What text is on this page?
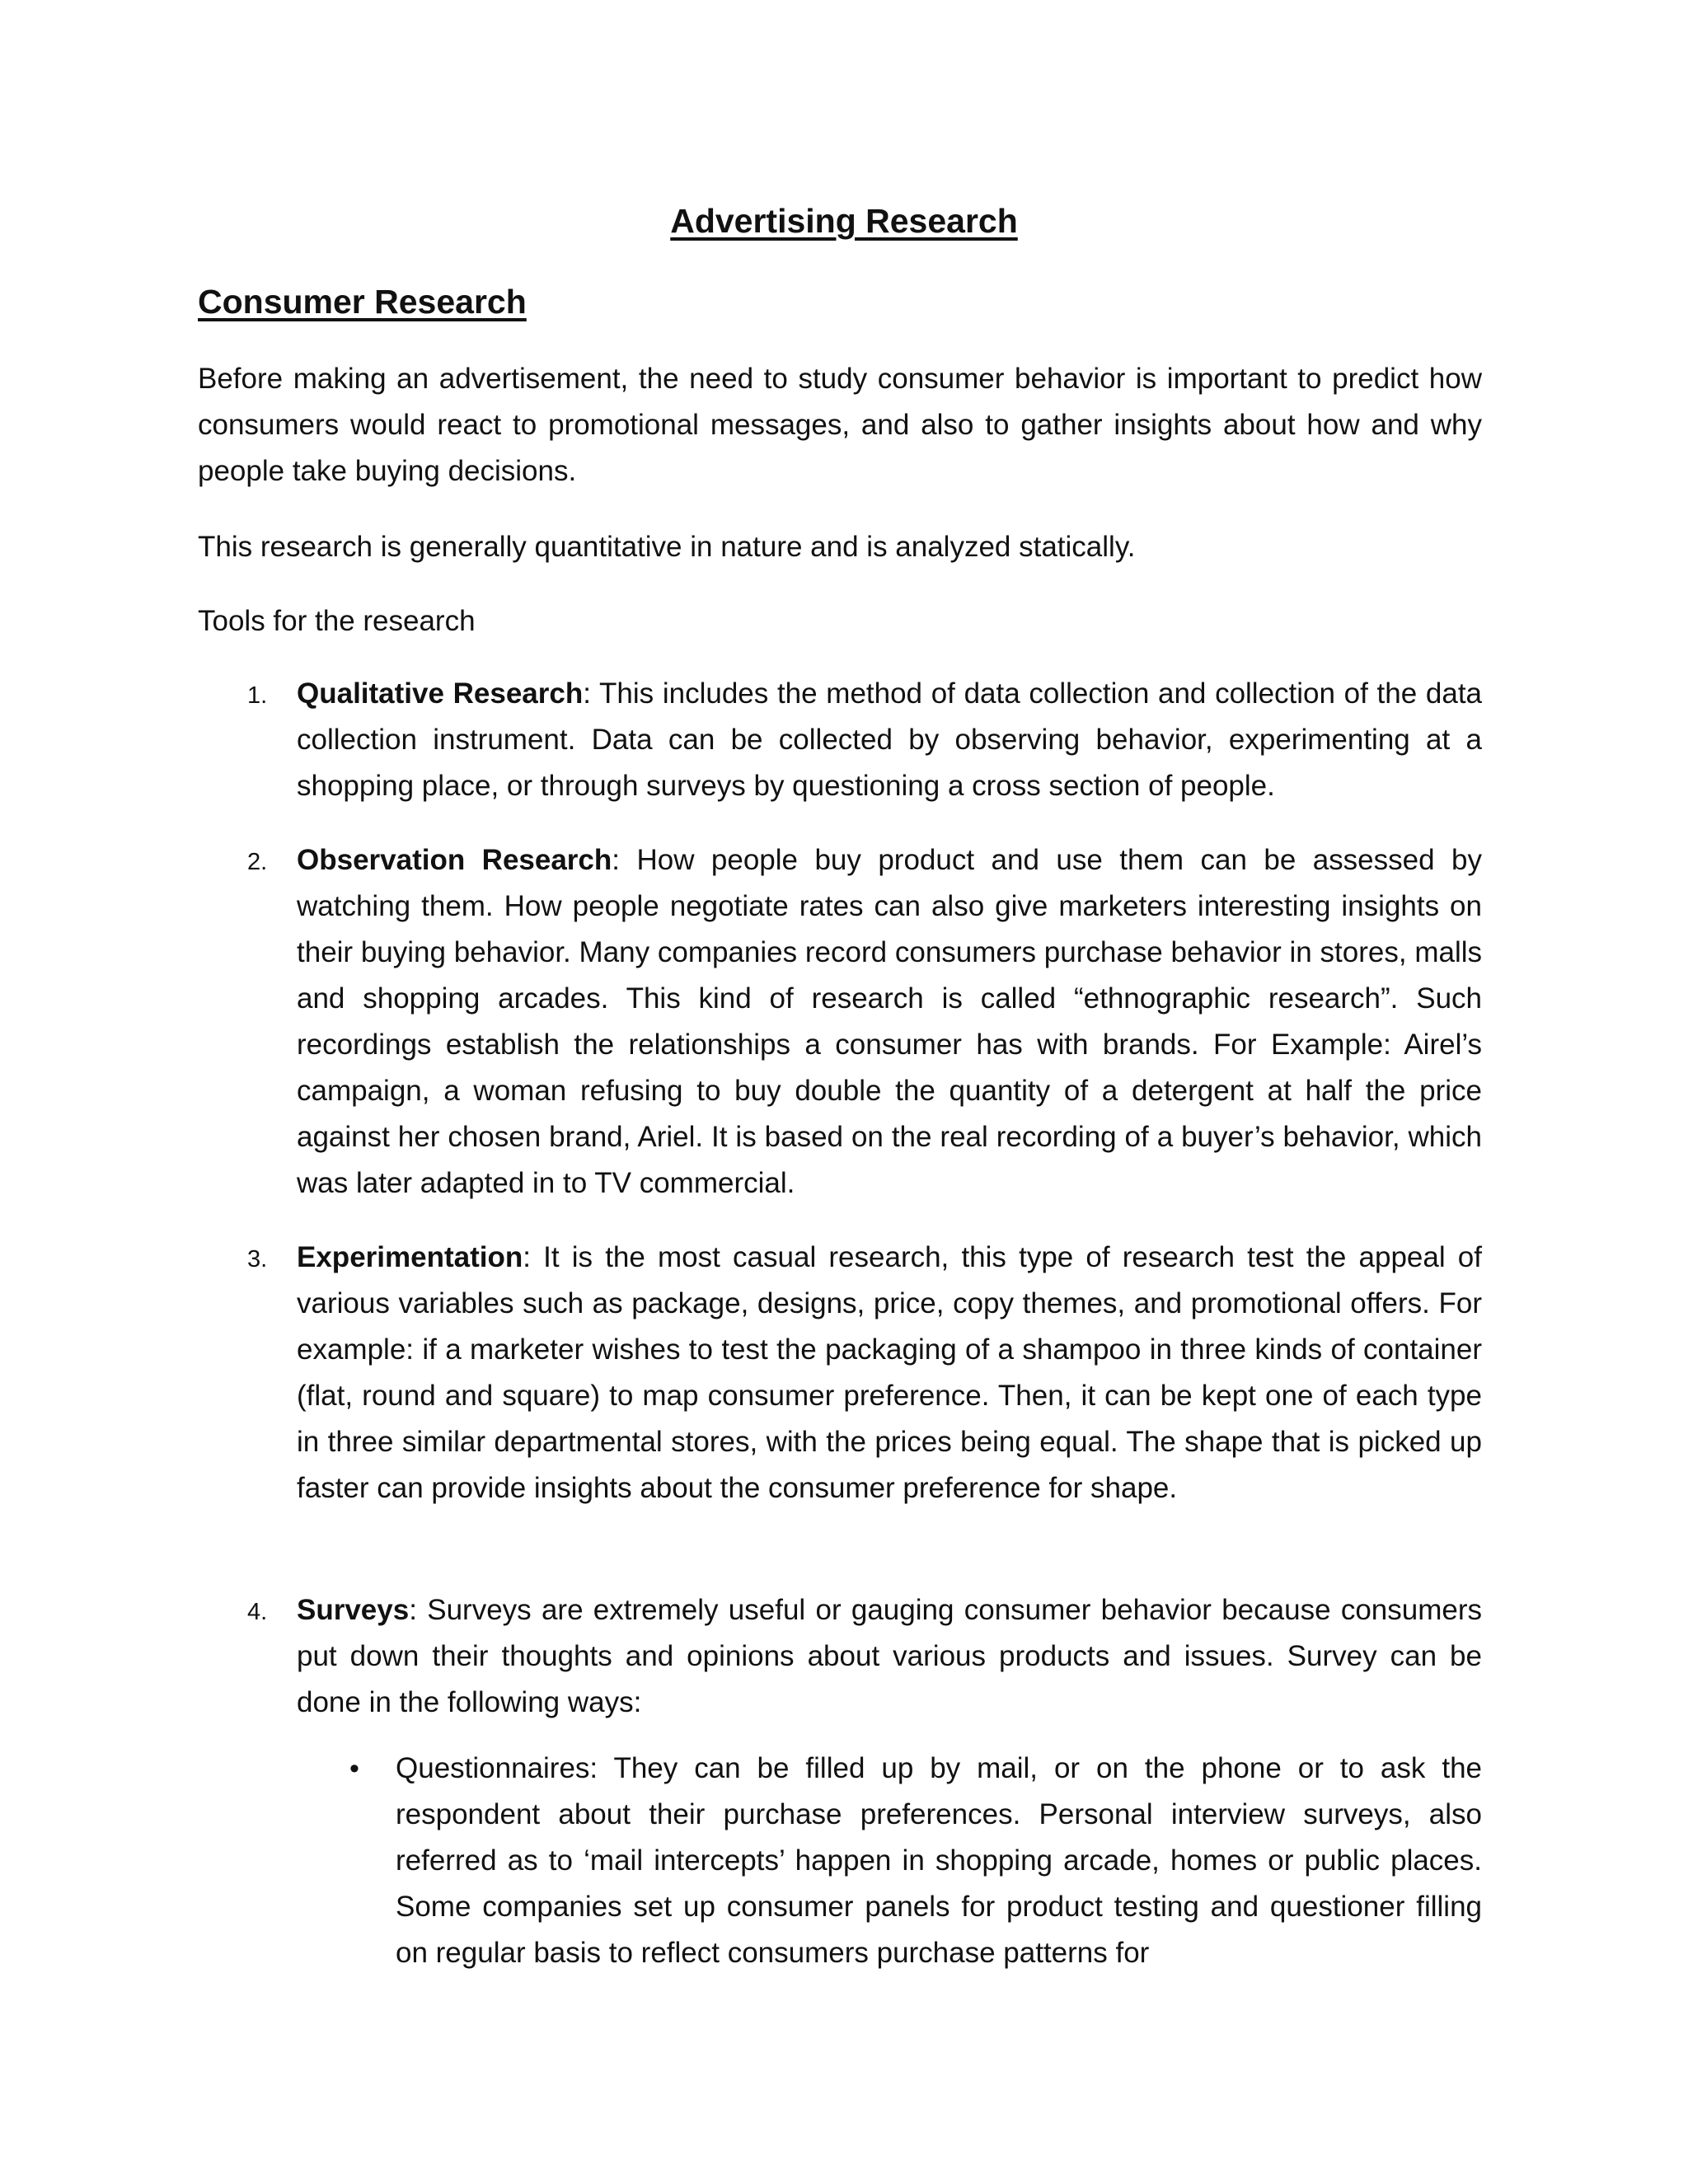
Advertising Research
Consumer Research

Before making an advertisement, the need to study consumer behavior is important to predict how consumers would react to promotional messages, and also to gather insights about how and why people take buying decisions.

This research is generally quantitative in nature and is analyzed statically.

Tools for the research

1. Qualitative Research: This includes the method of data collection and collection of the data collection instrument. Data can be collected by observing behavior, experimenting at a shopping place, or through surveys by questioning a cross section of people.
2. Observation Research: How people buy product and use them can be assessed by watching them. How people negotiate rates can also give marketers interesting insights on their buying behavior. Many companies record consumers purchase behavior in stores, malls and shopping arcades. This kind of research is called “ethnographic research”. Such recordings establish the relationships a consumer has with brands. For Example: Airel’s campaign, a woman refusing to buy double the quantity of a detergent at half the price against her chosen brand, Ariel. It is based on the real recording of a buyer’s behavior, which was later adapted in to TV commercial.
3. Experimentation: It is the most casual research, this type of research test the appeal of various variables such as package, designs, price, copy themes, and promotional offers. For example: if a marketer wishes to test the packaging of a shampoo in three kinds of container (flat, round and square) to map consumer preference. Then, it can be kept one of each type in three similar departmental stores, with the prices being equal. The shape that is picked up faster can provide insights about the consumer preference for shape.
4. Surveys: Surveys are extremely useful or gauging consumer behavior because consumers put down their thoughts and opinions about various products and issues. Survey can be done in the following ways:
• Questionnaires: They can be filled up by mail, or on the phone or to ask the respondent about their purchase preferences. Personal interview surveys, also referred as to ‘mail intercepts’ happen in shopping arcade, homes or public places. Some companies set up consumer panels for product testing and questioner filling on regular basis to reflect consumers purchase patterns for
